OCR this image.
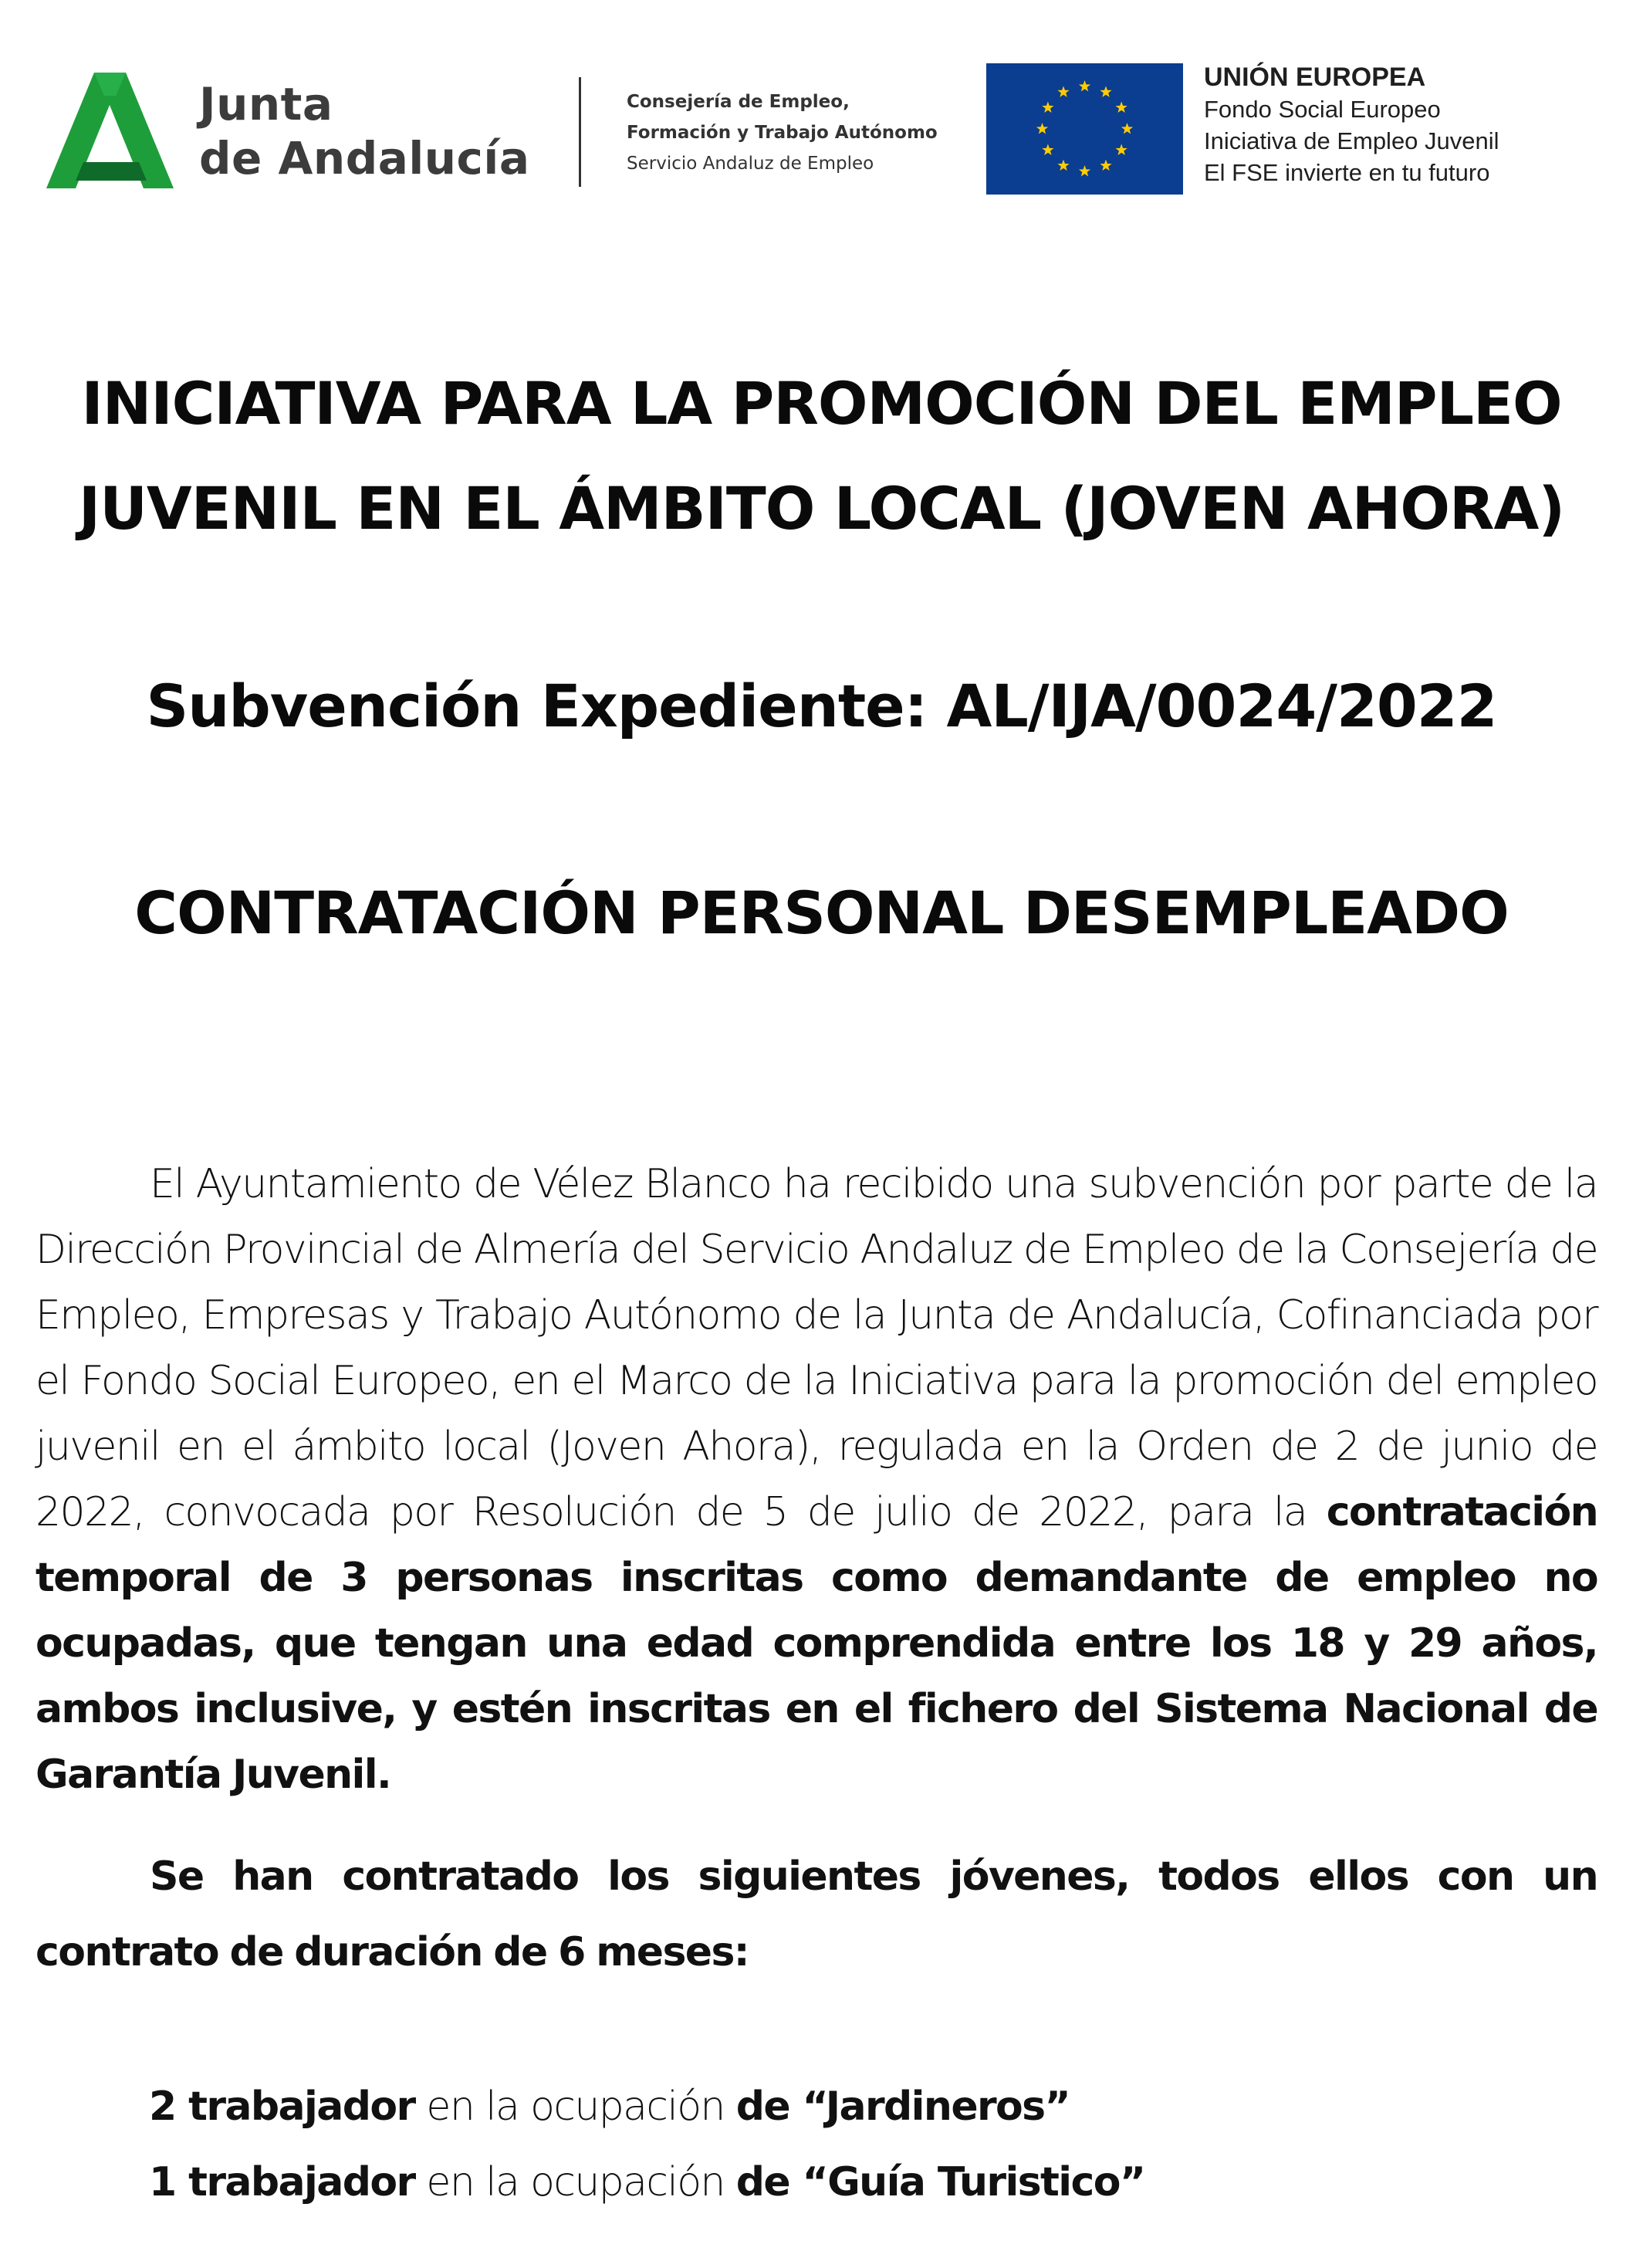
Junta
de Andalucía
Consejería de Empleo,
Formación y Trabajo Autónomo
Servicio Andaluz de Empleo
UNIÓN EUROPEA
Fondo Social Europeo
Iniciativa de Empleo Juvenil
El FSE invierte en tu futuro
INICIATIVA PARA LA PROMOCIÓN DEL EMPLEO
JUVENIL EN EL ÁMBITO LOCAL (JOVEN AHORA)
Subvención Expediente: AL/IJA/0024/2022
CONTRATACIÓN PERSONAL DESEMPLEADO

El Ayuntamiento de Vélez Blanco ha recibido una subvención por parte de la Dirección Provincial de Almería del Servicio Andaluz de Empleo de la Consejería de Empleo, Empresas y Trabajo Autónomo de la Junta de Andalucía, Cofinanciada por el Fondo Social Europeo, en el Marco de la Iniciativa para la promoción del empleo juvenil en el ámbito local (Joven Ahora), regulada en la Orden de 2 de junio de 2022, convocada por Resolución de 5 de julio de 2022, para la contratación temporal de 3 personas inscritas como demandante de empleo no ocupadas, que tengan una edad comprendida entre los 18 y 29 años, ambos inclusive, y estén inscritas en el fichero del Sistema Nacional de Garantía Juvenil.

Se han contratado los siguientes jóvenes, todos ellos con un contrato de duración de 6 meses:

2 trabajador en la ocupación de “Jardineros”
1 trabajador en la ocupación de “Guía Turistico”
